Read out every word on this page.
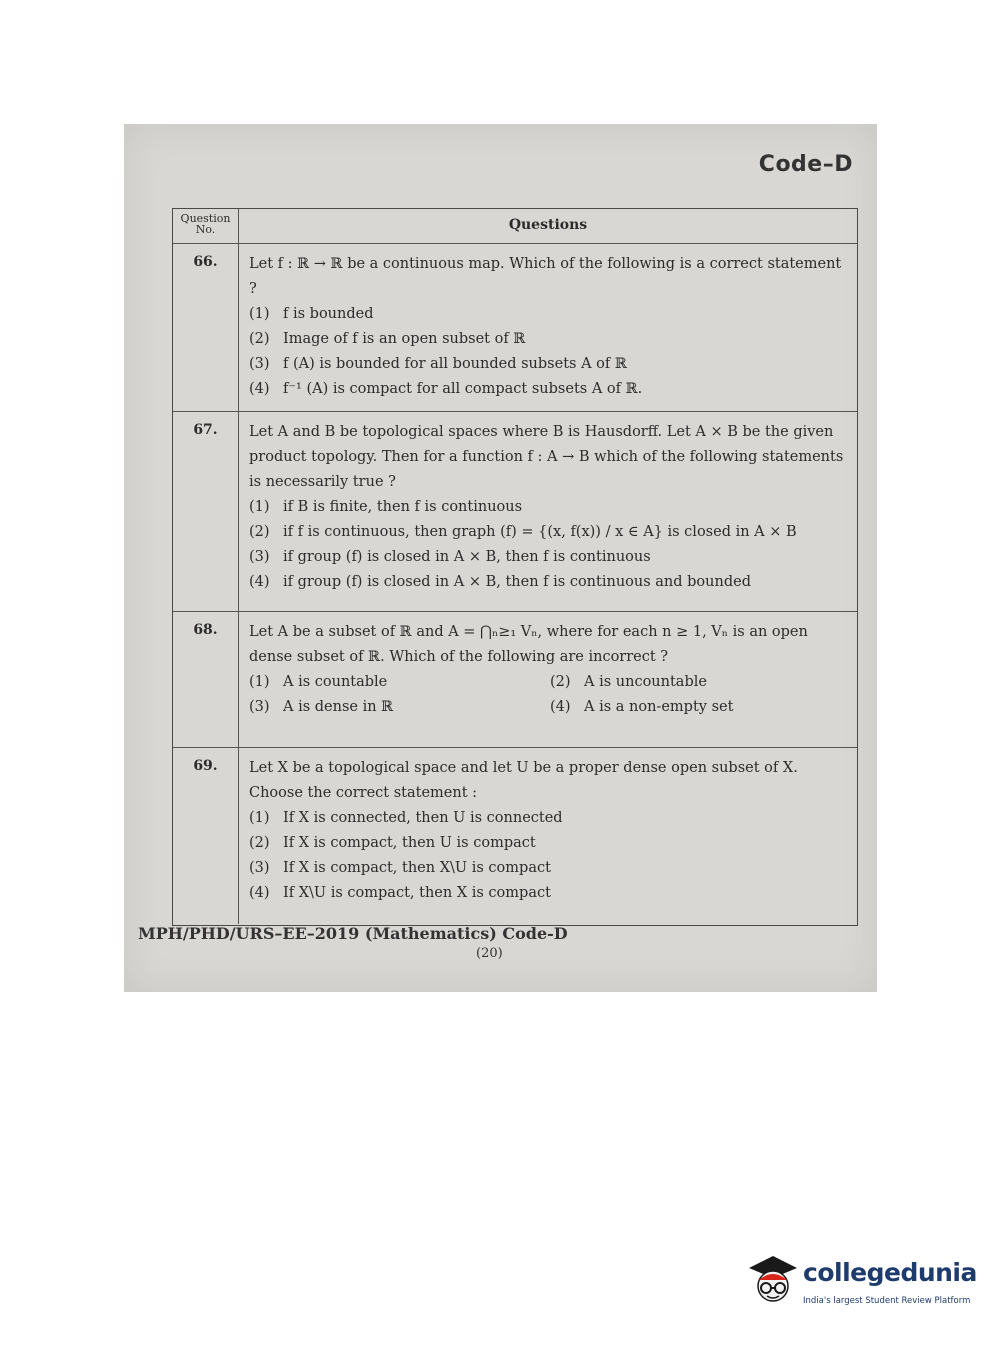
Code–D
Question No.	Questions
66.	Let f : ℝ → ℝ be a continuous map. Which of the following is a correct statement ?
(1) f is bounded
(2) Image of f is an open subset of ℝ
(3) f (A) is bounded for all bounded subsets A of ℝ
(4) f⁻¹ (A) is compact for all compact subsets A of ℝ.
67.	Let A and B be topological spaces where B is Hausdorff. Let A × B be the given product topology. Then for a function f : A → B which of the following statements is necessarily true ?
(1) if B is finite, then f is continuous
(2) if f is continuous, then graph (f) = {(x, f(x)) / x ∈ A} is closed in A × B
(3) if group (f) is closed in A × B, then f is continuous
(4) if group (f) is closed in A × B, then f is continuous and bounded
68.	Let A be a subset of ℝ and A = ⋂ₙ≥₁ Vₙ, where for each n ≥ 1, Vₙ is an open dense subset of ℝ. Which of the following are incorrect ?
(1) A is countable	(2) A is uncountable
(3) A is dense in ℝ	(4) A is a non-empty set
69.	Let X be a topological space and let U be a proper dense open subset of X. Choose the correct statement :
(1) If X is connected, then U is connected
(2) If X is compact, then U is compact
(3) If X is compact, then X\U is compact
(4) If X\U is compact, then X is compact
MPH/PHD/URS–EE–2019 (Mathematics) Code-D
(20)
collegedunia
India's largest Student Review Platform
